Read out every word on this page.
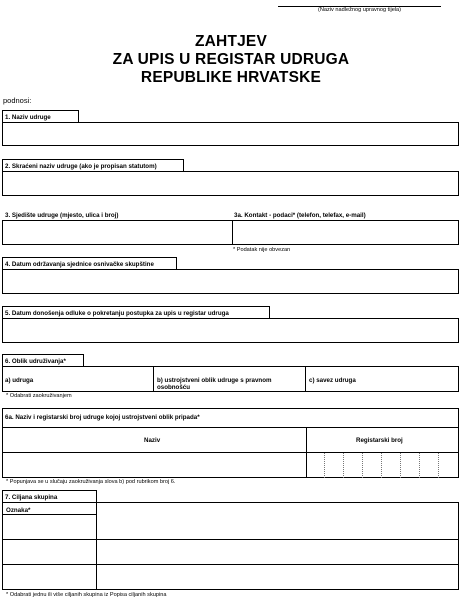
(Naziv nadležnog upravnog tijela)
ZAHTJEV
ZA UPIS U REGISTAR UDRUGA
REPUBLIKE HRVATSKE
podnosi:
1. Naziv udruge
2. Skraćeni naziv udruge (ako je propisan statutom)
3. Sjedište udruge (mjesto, ulica i broj)	3a. Kontakt - podaci* (telefon, telefax, e-mail)
* Podatak nije obvezan
4. Datum održavanja sjednice osnivačke skupštine
5. Datum donošenja odluke o pokretanju postupka za upis u registar udruga
6. Oblik udruživanja*
a) udruga	b) ustrojstveni oblik udruge s pravnom
osobnošću
c) savez udruga
* Odabrati zaokruživanjem
6a. Naziv i registarski broj udruge kojoj ustrojstveni oblik pripada*
Naziv	Registarski broj
* Popunjava se u slučaju zaokruživanja slova b) pod rubrikom broj 6.
7. Ciljana skupina
Oznaka*
* Odabrati jednu ili više ciljanih skupina iz Popisa ciljanih skupina
